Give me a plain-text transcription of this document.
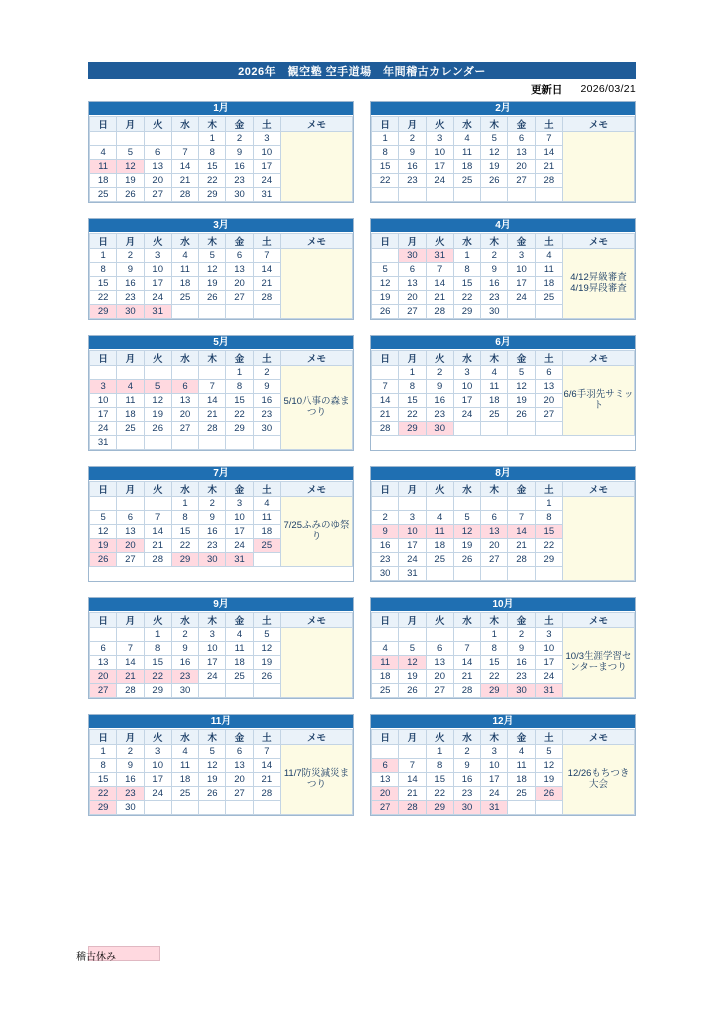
2026年　観空塾 空手道場　年間稽古カレンダー
更新日 2026/03/21
1月
日	月	火	水	木	金	土	メモ
				1	2	3	
4	5	6	7	8	9	10	
11	12	13	14	15	16	17	
18	19	20	21	22	23	24	
25	26	27	28	29	30	31	
2月
日	月	火	水	木	金	土	メモ
1	2	3	4	5	6	7	
8	9	10	11	12	13	14	
15	16	17	18	19	20	21	
22	23	24	25	26	27	28	

3月
日	月	火	水	木	金	土	メモ
1	2	3	4	5	6	7	
8	9	10	11	12	13	14	
15	16	17	18	19	20	21	
22	23	24	25	26	27	28	
29	30	31					
4月
日	月	火	水	木	金	土	メモ
	30	31	1	2	3	4	4/12昇級審査
4/19昇段審査
5	6	7	8	9	10	11	
12	13	14	15	16	17	18	
19	20	21	22	23	24	25	
26	27	28	29	30			
5月
日	月	火	水	木	金	土	メモ
					1	2	5/10八事の森まつり
3	4	5	6	7	8	9	
10	11	12	13	14	15	16	
17	18	19	20	21	22	23	
24	25	26	27	28	29	30	
31							
6月
日	月	火	水	木	金	土	メモ
	1	2	3	4	5	6	6/6手羽先サミット
7	8	9	10	11	12	13	
14	15	16	17	18	19	20	
21	22	23	24	25	26	27	
28	29	30					
7月
日	月	火	水	木	金	土	メモ
			1	2	3	4	7/25ふみのゆ祭り
5	6	7	8	9	10	11	
12	13	14	15	16	17	18	
19	20	21	22	23	24	25	
26	27	28	29	30	31		
8月
日	月	火	水	木	金	土	メモ
						1	
2	3	4	5	6	7	8	
9	10	11	12	13	14	15	
16	17	18	19	20	21	22	
23	24	25	26	27	28	29	
30	31						
9月
日	月	火	水	木	金	土	メモ
		1	2	3	4	5	
6	7	8	9	10	11	12	
13	14	15	16	17	18	19	
20	21	22	23	24	25	26	
27	28	29	30				
10月
日	月	火	水	木	金	土	メモ
				1	2	3	10/3生涯学習センターまつり
4	5	6	7	8	9	10	
11	12	13	14	15	16	17	
18	19	20	21	22	23	24	
25	26	27	28	29	30	31	
11月
日	月	火	水	木	金	土	メモ
1	2	3	4	5	6	7	11/7防災減災まつり
8	9	10	11	12	13	14	
15	16	17	18	19	20	21	
22	23	24	25	26	27	28	
29	30						
12月
日	月	火	水	木	金	土	メモ
		1	2	3	4	5	12/26もちつき大会
6	7	8	9	10	11	12	
13	14	15	16	17	18	19	
20	21	22	23	24	25	26	
27	28	29	30	31			
稽古休み
